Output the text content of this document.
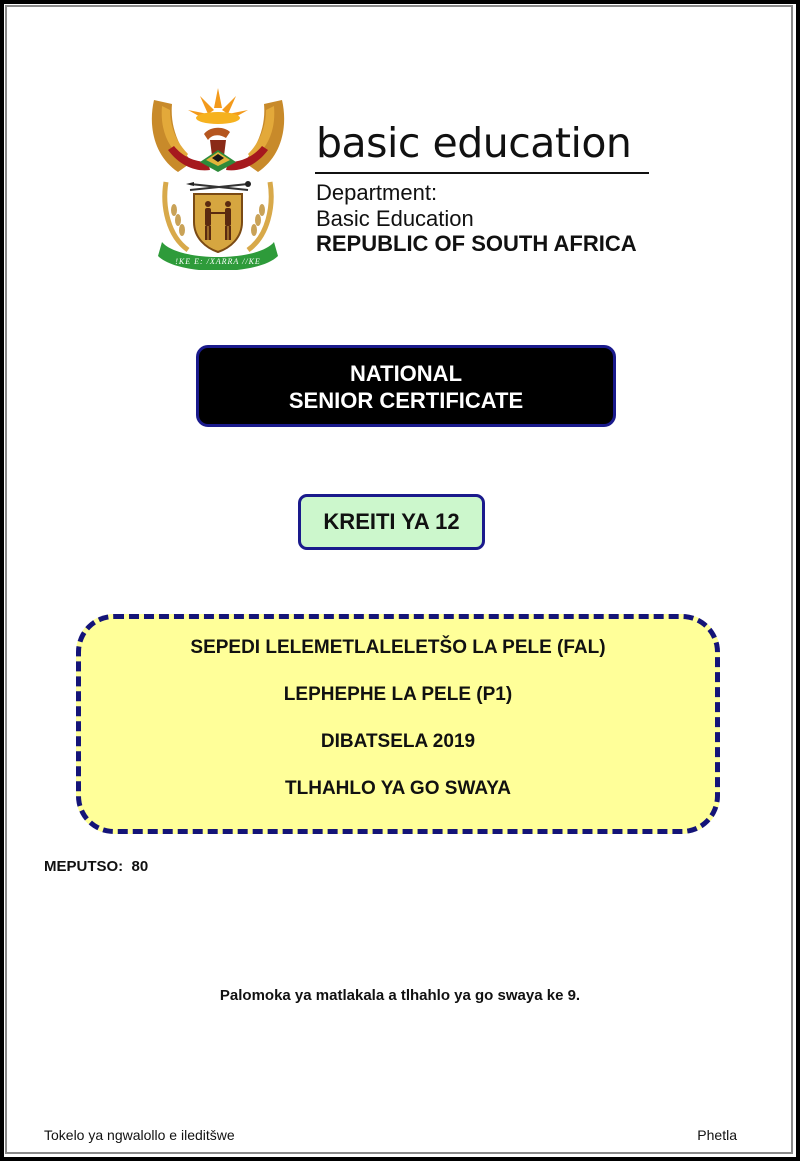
!KE E: /XARRA //KE
basic education
Department:
Basic Education
REPUBLIC OF SOUTH AFRICA
NATIONAL
SENIOR CERTIFICATE
KREITI YA 12
SEPEDI LELEMETLALELETŠO LA PELE (FAL)
LEPHEPHE LA PELE (P1)
DIBATSELA 2019
TLHAHLO YA GO SWAYA
MEPUTSO:  80
Palomoka ya matlakala a tlhahlo ya go swaya ke 9.
Tokelo ya ngwalollo e ileditšwe	Phetla
